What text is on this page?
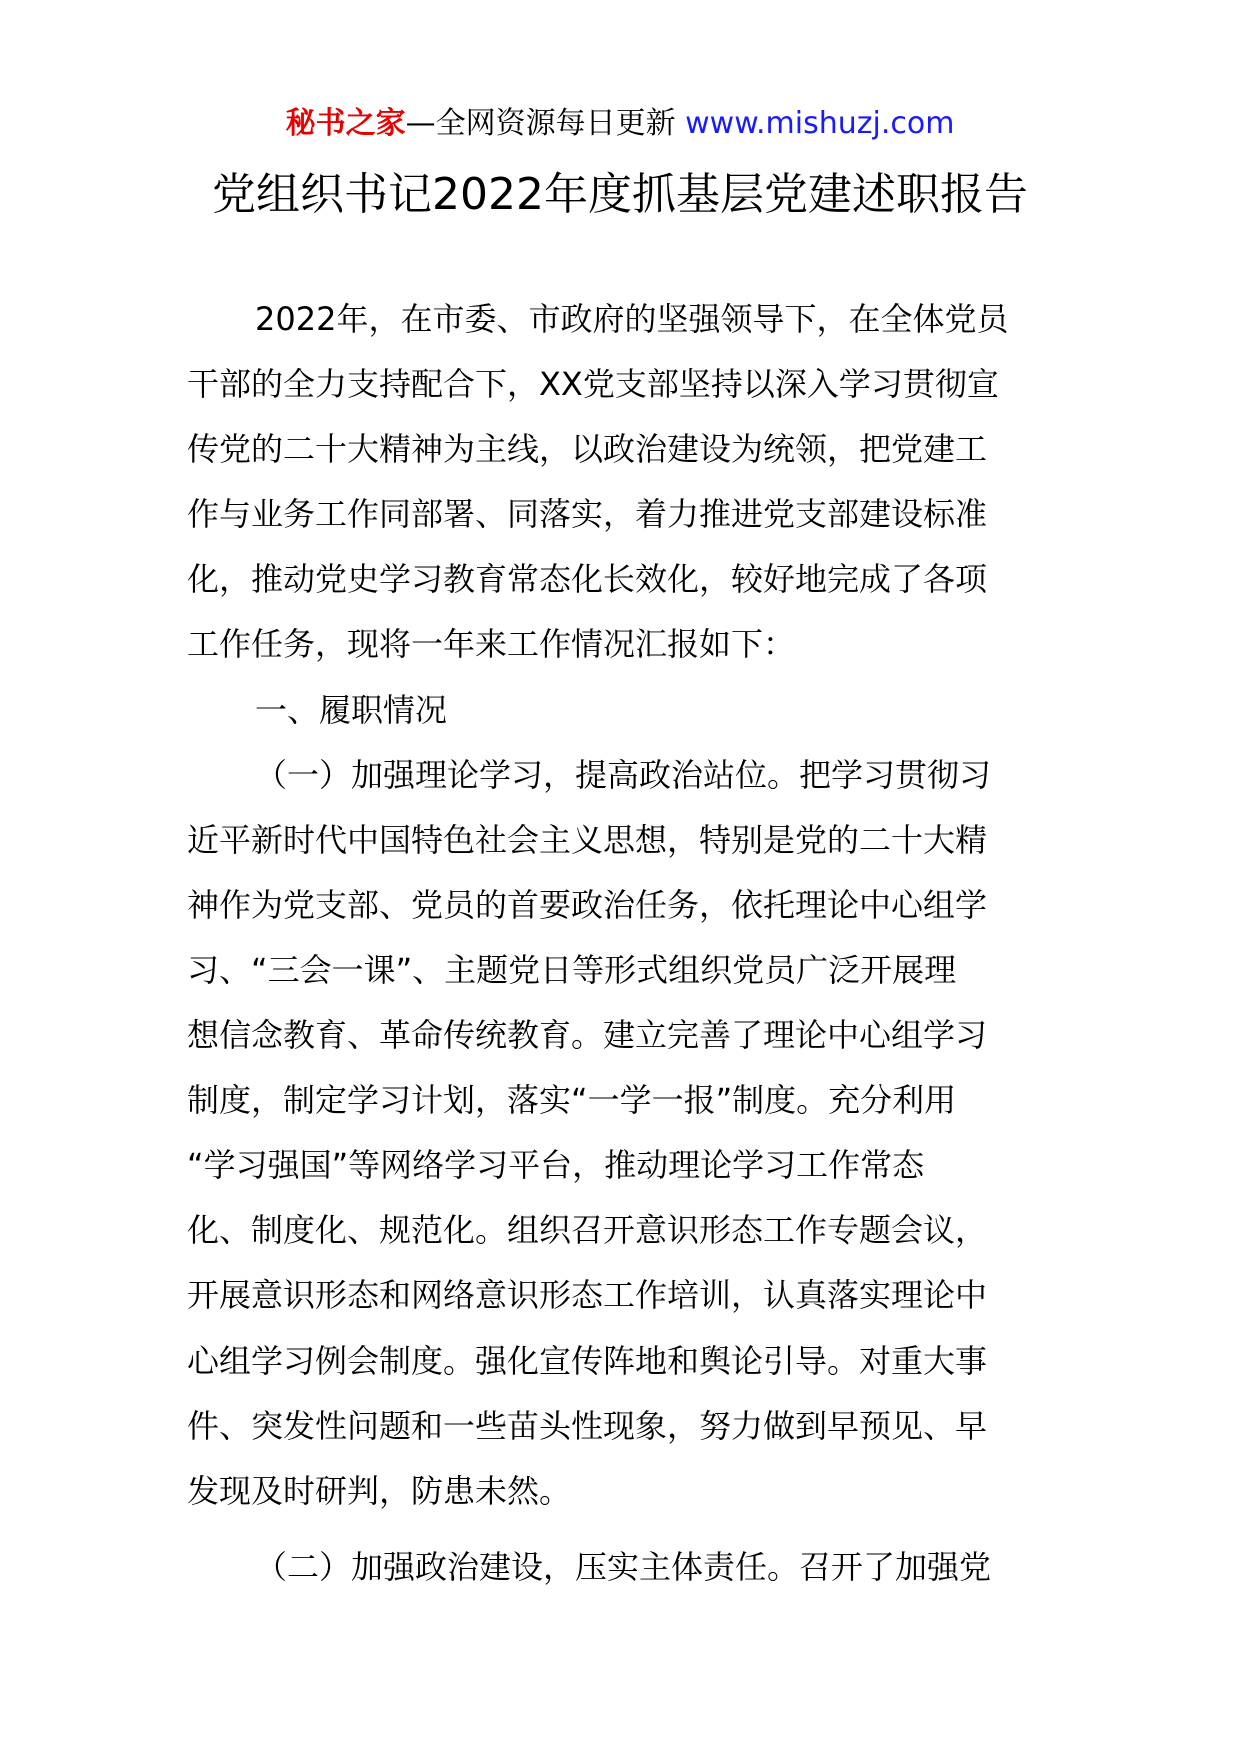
秘书之家—全网资源每日更新 www.mishuzj.com
党组织书记2022年度抓基层党建述职报告
2022年，在市委、市政府的坚强领导下，在全体党员
干部的全力支持配合下，XX党支部坚持以深入学习贯彻宣
传党的二十大精神为主线，以政治建设为统领，把党建工
作与业务工作同部署、同落实，着力推进党支部建设标准
化，推动党史学习教育常态化长效化，较好地完成了各项
工作任务，现将一年来工作情况汇报如下：
一、履职情况
（一）加强理论学习，提高政治站位。把学习贯彻习
近平新时代中国特色社会主义思想，特别是党的二十大精
神作为党支部、党员的首要政治任务，依托理论中心组学
习、“三会一课”、主题党日等形式组织党员广泛开展理
想信念教育、革命传统教育。建立完善了理论中心组学习
制度，制定学习计划，落实“一学一报”制度。充分利用
“学习强国”等网络学习平台，推动理论学习工作常态
化、制度化、规范化。组织召开意识形态工作专题会议，
开展意识形态和网络意识形态工作培训，认真落实理论中
心组学习例会制度。强化宣传阵地和舆论引导。对重大事
件、突发性问题和一些苗头性现象，努力做到早预见、早
发现及时研判，防患未然。
（二）加强政治建设，压实主体责任。召开了加强党
